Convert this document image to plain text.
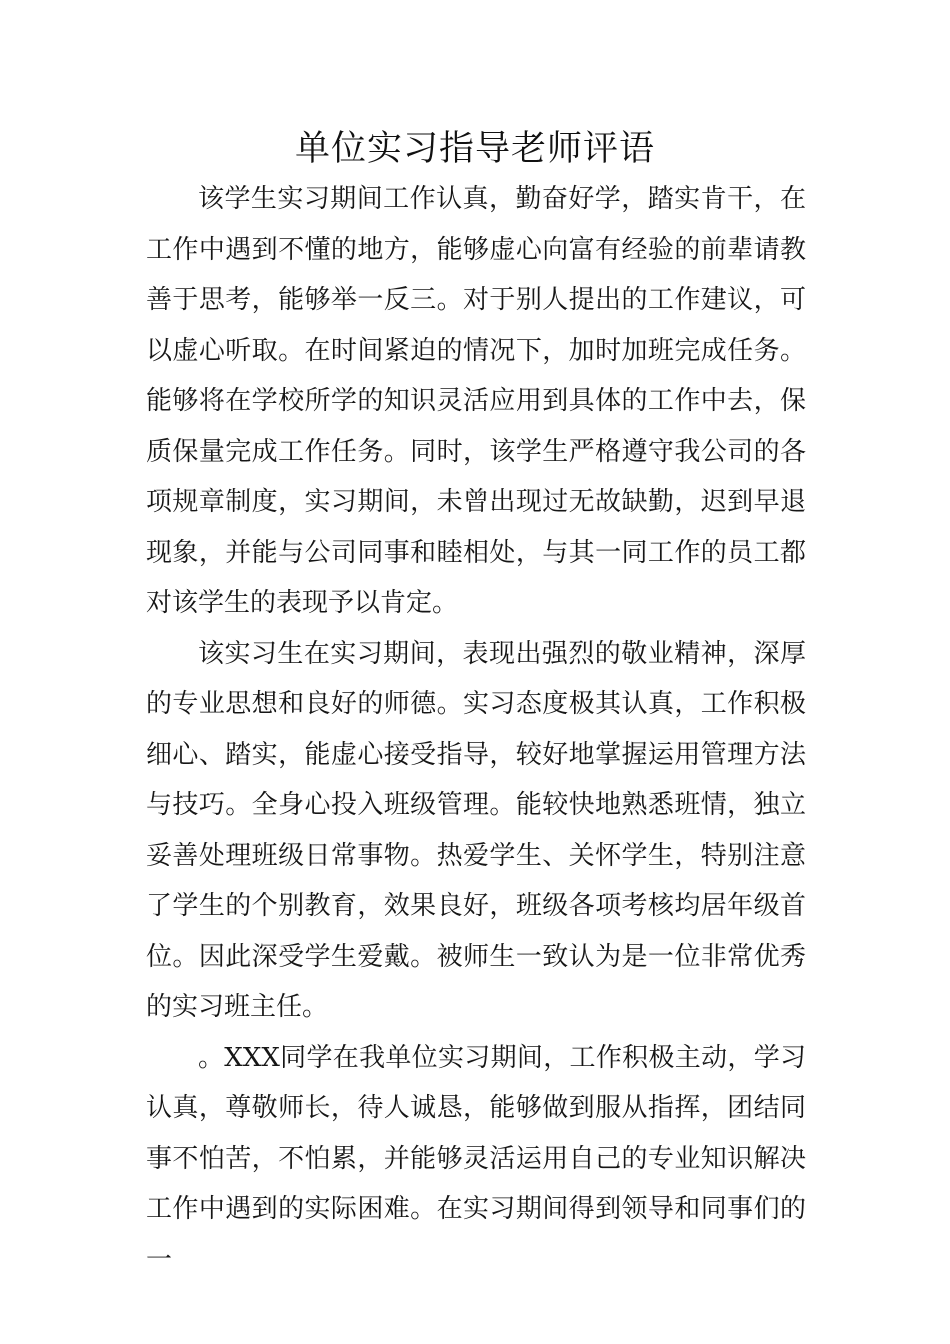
单位实习指导老师评语

该学生实习期间工作认真，勤奋好学，踏实肯干，在工作中遇到不懂的地方，能够虚心向富有经验的前辈请教善于思考，能够举一反三。对于别人提出的工作建议，可以虚心听取。在时间紧迫的情况下，加时加班完成任务。能够将在学校所学的知识灵活应用到具体的工作中去，保质保量完成工作任务。同时，该学生严格遵守我公司的各项规章制度，实习期间，未曾出现过无故缺勤，迟到早退现象，并能与公司同事和睦相处，与其一同工作的员工都对该学生的表现予以肯定。

该实习生在实习期间，表现出强烈的敬业精神，深厚的专业思想和良好的师德。实习态度极其认真，工作积极细心、踏实，能虚心接受指导，较好地掌握运用管理方法与技巧。全身心投入班级管理。能较快地熟悉班情，独立妥善处理班级日常事物。热爱学生、关怀学生，特别注意了学生的个别教育，效果良好，班级各项考核均居年级首位。因此深受学生爱戴。被师生一致认为是一位非常优秀的实习班主任。

。XXX同学在我单位实习期间，工作积极主动，学习认真，尊敬师长，待人诚恳，能够做到服从指挥，团结同事不怕苦，不怕累，并能够灵活运用自己的专业知识解决工作中遇到的实际困难。在实习期间得到领导和同事们的一
